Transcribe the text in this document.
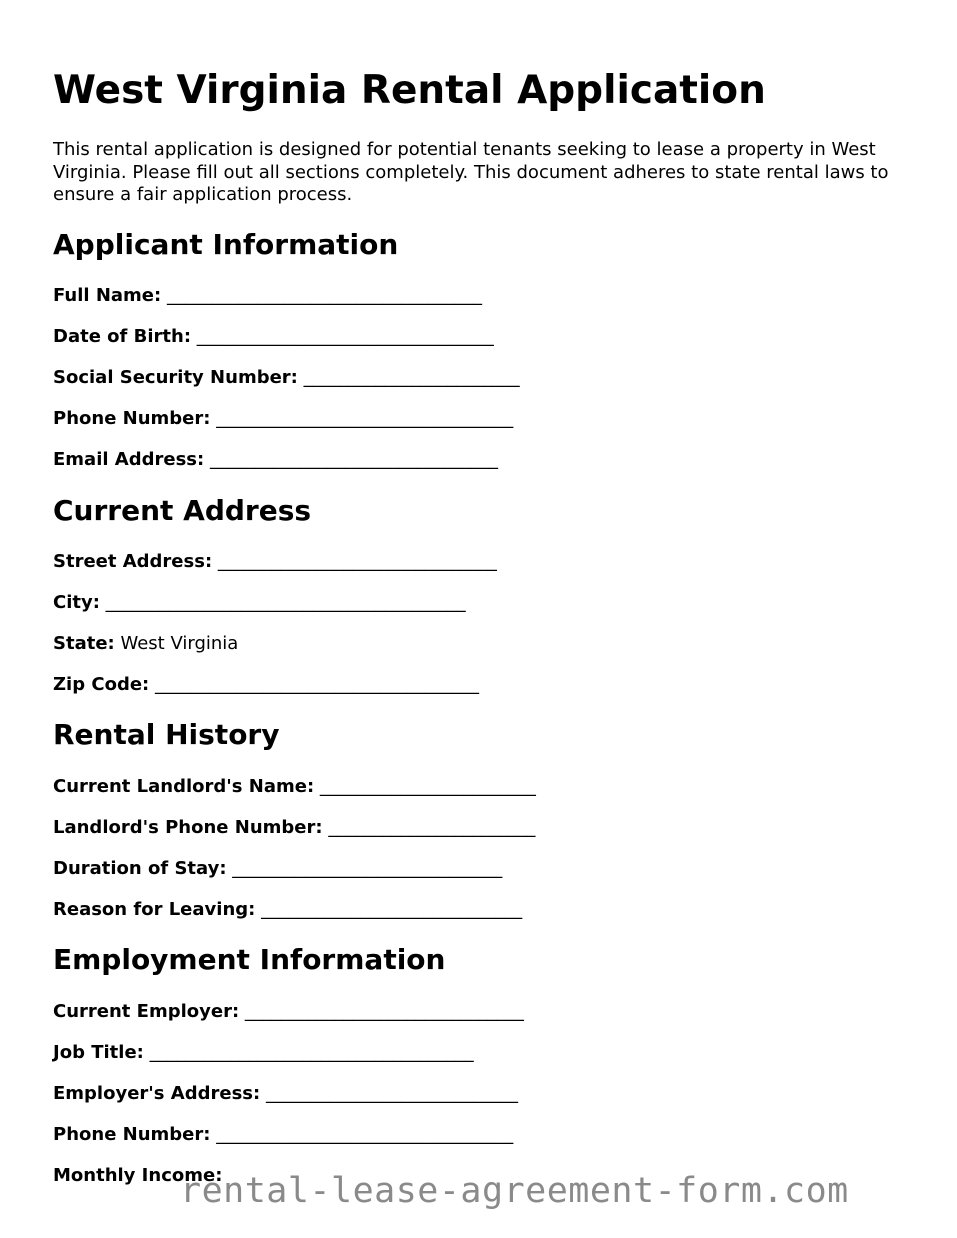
West Virginia Rental Application

This rental application is designed for potential tenants seeking to lease a property in West Virginia. Please fill out all sections completely. This document adheres to state rental laws to ensure a fair application process.

Applicant Information

Full Name: ___________________________________

Date of Birth: _________________________________

Social Security Number: ________________________

Phone Number: _________________________________

Email Address: ________________________________

Current Address

Street Address: _______________________________

City: ________________________________________

State: West Virginia

Zip Code: ____________________________________

Rental History

Current Landlord's Name: ________________________

Landlord's Phone Number: _______________________

Duration of Stay: ______________________________

Reason for Leaving: _____________________________

Employment Information

Current Employer: _______________________________

Job Title: ____________________________________

Employer's Address: ____________________________

Phone Number: _________________________________

Monthly Income:

rental-lease-agreement-form.com
